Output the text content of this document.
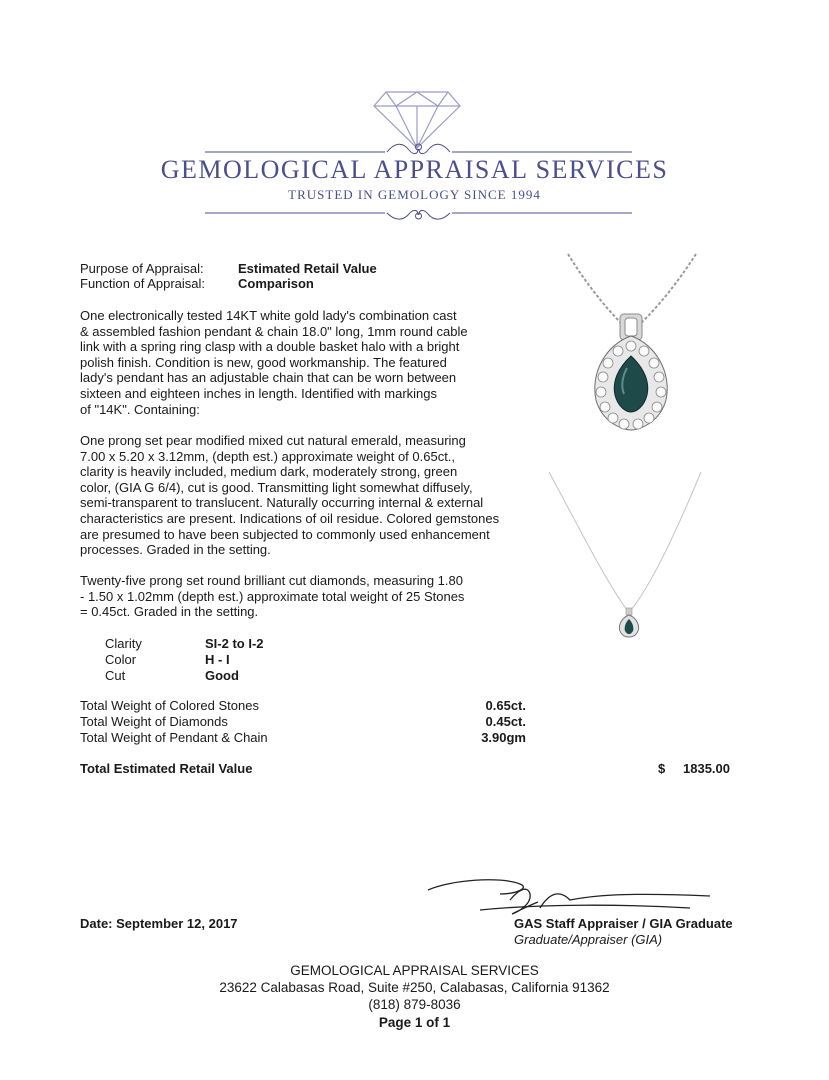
GEMOLOGICAL APPRAISAL SERVICES
TRUSTED IN GEMOLOGY SINCE 1994
Purpose of Appraisal:	Estimated Retail Value
Function of Appraisal:	Comparison
One electronically tested 14KT white gold lady's combination cast
& assembled fashion pendant & chain 18.0" long, 1mm round cable
link with a spring ring clasp with a double basket halo with a bright
polish finish. Condition is new, good workmanship. The featured
lady's pendant has an adjustable chain that can be worn between
sixteen and eighteen inches in length. Identified with markings
of "14K". Containing:
One prong set pear modified mixed cut natural emerald, measuring
7.00 x 5.20 x 3.12mm, (depth est.) approximate weight of 0.65ct.,
clarity is heavily included, medium dark, moderately strong, green
color, (GIA G 6/4), cut is good. Transmitting light somewhat diffusely,
semi-transparent to translucent. Naturally occurring internal & external
characteristics are present. Indications of oil residue. Colored gemstones
are presumed to have been subjected to commonly used enhancement
processes. Graded in the setting.
Twenty-five prong set round brilliant cut diamonds, measuring 1.80
- 1.50 x 1.02mm (depth est.) approximate total weight of 25 Stones
= 0.45ct. Graded in the setting.
Clarity	SI-2 to I-2
Color	H - I
Cut	Good
Total Weight of Colored Stones	0.65ct.
Total Weight of Diamonds	0.45ct.
Total Weight of Pendant & Chain	3.90gm
Total Estimated Retail Value	$	1835.00
Date: September 12, 2017	GAS Staff Appraiser / GIA Graduate
Graduate/Appraiser (GIA)
GEMOLOGICAL APPRAISAL SERVICES
23622 Calabasas Road, Suite #250, Calabasas, California 91362
(818) 879-8036
Page 1 of 1
